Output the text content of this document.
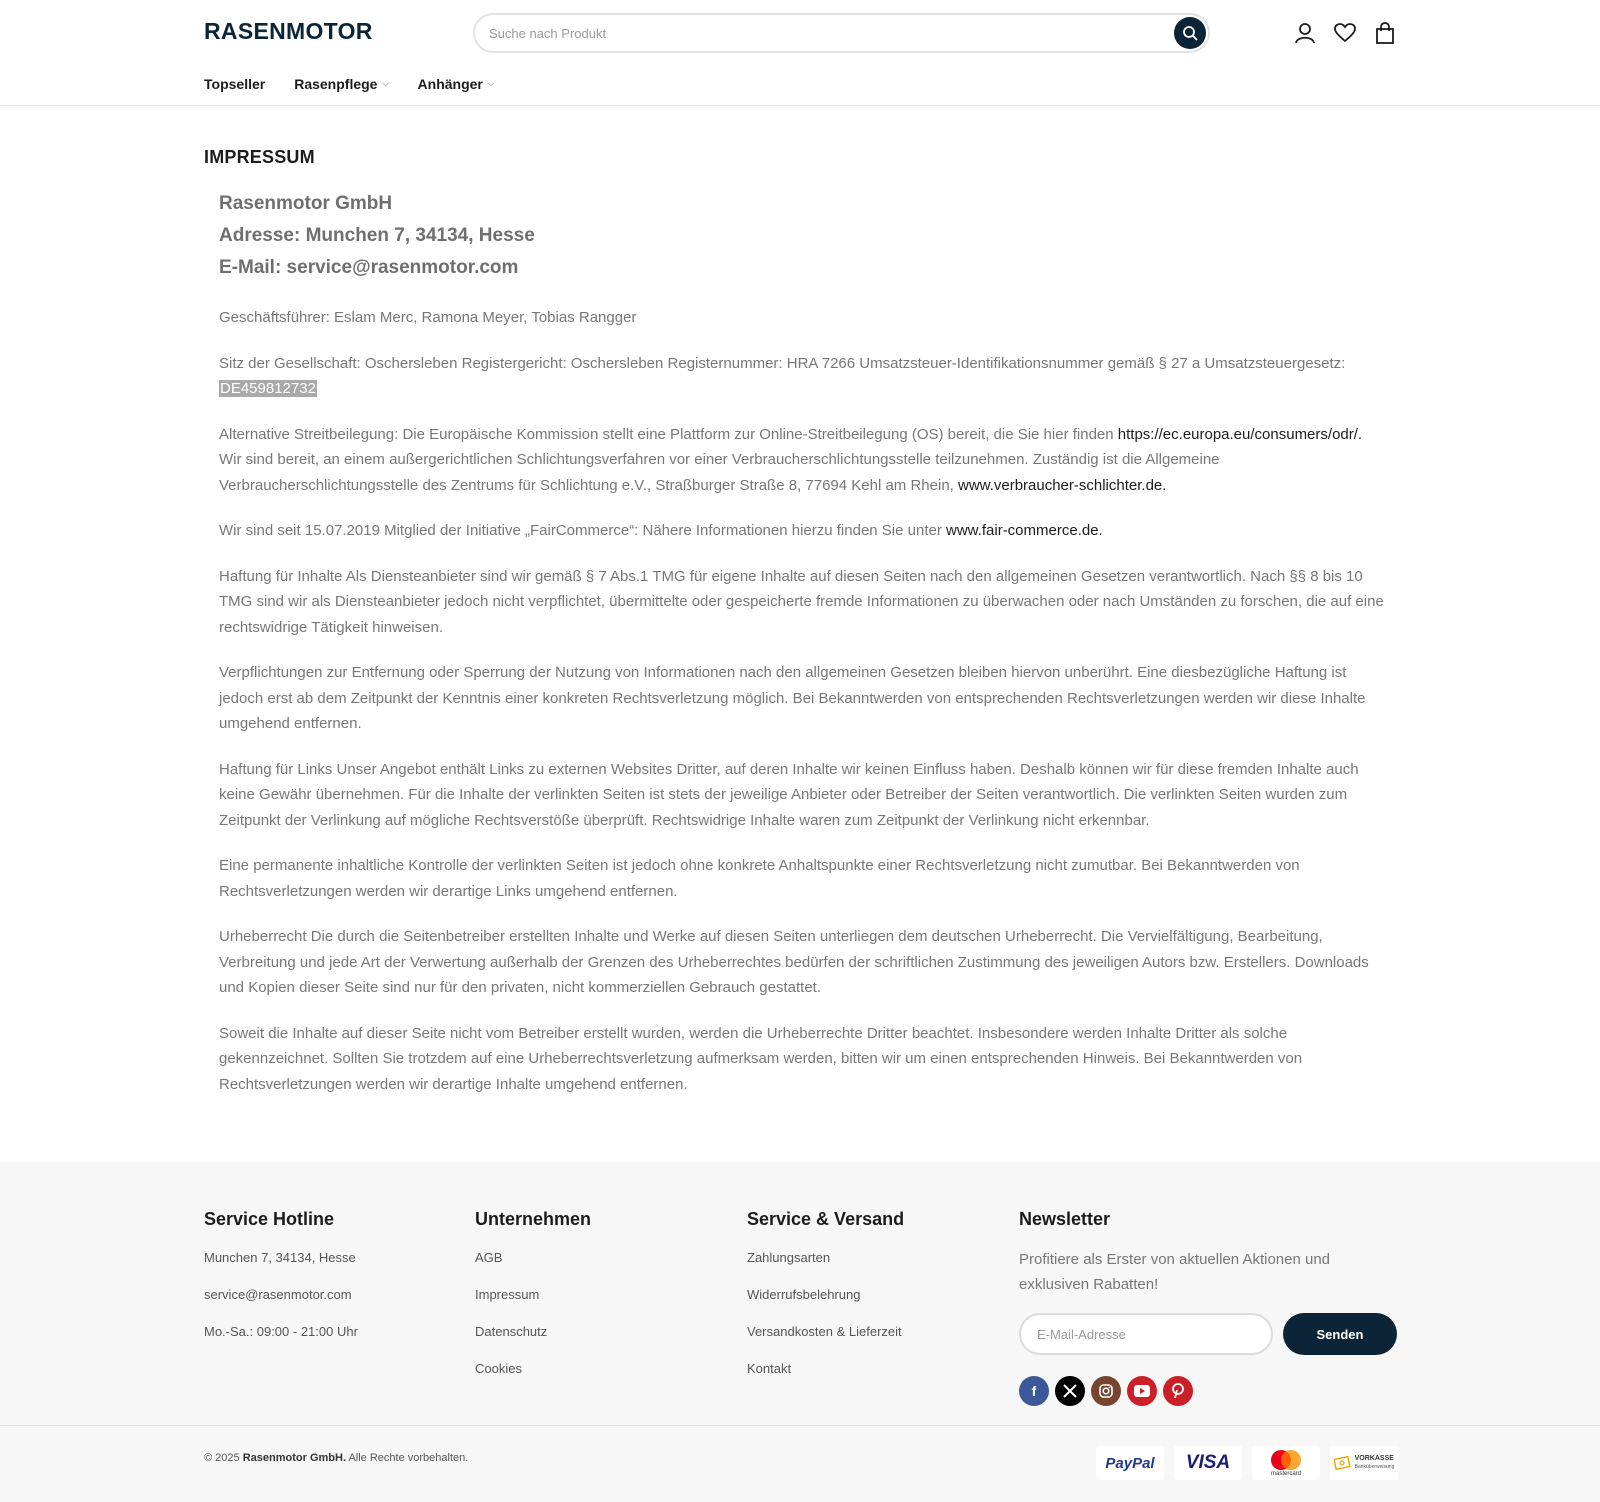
RASENMOTOR
Suche nach Produkt
Topseller Rasenpflege ⌵ Anhänger ⌵
IMPRESSUM
Rasenmotor GmbH
Adresse: Munchen 7, 34134, Hesse
E-Mail: service@rasenmotor.com

Geschäftsführer: Eslam Merc, Ramona Meyer, Tobias Rangger

Sitz der Gesellschaft: Oschersleben Registergericht: Oschersleben Registernummer: HRA 7266 Umsatzsteuer-Identifikationsnummer gemäß § 27 a Umsatzsteuergesetz: DE459812732

Alternative Streitbeilegung: Die Europäische Kommission stellt eine Plattform zur Online-Streitbeilegung (OS) bereit, die Sie hier finden https://ec.europa.eu/consumers/odr/. Wir sind bereit, an einem außergerichtlichen Schlichtungsverfahren vor einer Verbraucherschlichtungsstelle teilzunehmen. Zuständig ist die Allgemeine Verbraucherschlichtungsstelle des Zentrums für Schlichtung e.V., Straßburger Straße 8, 77694 Kehl am Rhein, www.verbraucher-schlichter.de.

Wir sind seit 15.07.2019 Mitglied der Initiative „FairCommerce“: Nähere Informationen hierzu finden Sie unter www.fair-commerce.de.

Haftung für Inhalte Als Diensteanbieter sind wir gemäß § 7 Abs.1 TMG für eigene Inhalte auf diesen Seiten nach den allgemeinen Gesetzen verantwortlich. Nach §§ 8 bis 10 TMG sind wir als Diensteanbieter jedoch nicht verpflichtet, übermittelte oder gespeicherte fremde Informationen zu überwachen oder nach Umständen zu forschen, die auf eine rechtswidrige Tätigkeit hinweisen.

Verpflichtungen zur Entfernung oder Sperrung der Nutzung von Informationen nach den allgemeinen Gesetzen bleiben hiervon unberührt. Eine diesbezügliche Haftung ist jedoch erst ab dem Zeitpunkt der Kenntnis einer konkreten Rechtsverletzung möglich. Bei Bekanntwerden von entsprechenden Rechtsverletzungen werden wir diese Inhalte umgehend entfernen.

Haftung für Links Unser Angebot enthält Links zu externen Websites Dritter, auf deren Inhalte wir keinen Einfluss haben. Deshalb können wir für diese fremden Inhalte auch keine Gewähr übernehmen. Für die Inhalte der verlinkten Seiten ist stets der jeweilige Anbieter oder Betreiber der Seiten verantwortlich. Die verlinkten Seiten wurden zum Zeitpunkt der Verlinkung auf mögliche Rechtsverstöße überprüft. Rechtswidrige Inhalte waren zum Zeitpunkt der Verlinkung nicht erkennbar.

Eine permanente inhaltliche Kontrolle der verlinkten Seiten ist jedoch ohne konkrete Anhaltspunkte einer Rechtsverletzung nicht zumutbar. Bei Bekanntwerden von Rechtsverletzungen werden wir derartige Links umgehend entfernen.

Urheberrecht Die durch die Seitenbetreiber erstellten Inhalte und Werke auf diesen Seiten unterliegen dem deutschen Urheberrecht. Die Vervielfältigung, Bearbeitung, Verbreitung und jede Art der Verwertung außerhalb der Grenzen des Urheberrechtes bedürfen der schriftlichen Zustimmung des jeweiligen Autors bzw. Erstellers. Downloads und Kopien dieser Seite sind nur für den privaten, nicht kommerziellen Gebrauch gestattet.

Soweit die Inhalte auf dieser Seite nicht vom Betreiber erstellt wurden, werden die Urheberrechte Dritter beachtet. Insbesondere werden Inhalte Dritter als solche gekennzeichnet. Sollten Sie trotzdem auf eine Urheberrechtsverletzung aufmerksam werden, bitten wir um einen entsprechenden Hinweis. Bei Bekanntwerden von Rechtsverletzungen werden wir derartige Inhalte umgehend entfernen.

Service Hotline
Munchen 7, 34134, Hesse
service@rasenmotor.com
Mo.-Sa.: 09:00 - 21:00 Uhr
Unternehmen
AGB
Impressum
Datenschutz
Cookies
Service & Versand
Zahlungsarten
Widerrufsbelehrung
Versandkosten & Lieferzeit
Kontakt
Newsletter

Profitiere als Erster von aktuellen Aktionen und exklusiven Rabatten!

E-Mail-Adresse
Senden
f
© 2025 Rasenmotor GmbH. Alle Rechte vorbehalten.	PayPal VISA
mastercard
VORKASSE
Banküberweisung
